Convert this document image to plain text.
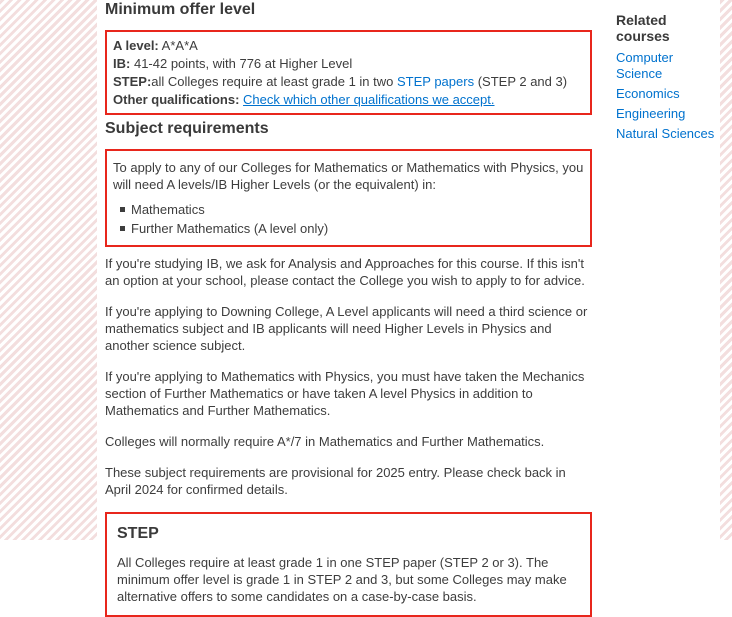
Minimum offer level
A level: A*A*A
IB: 41-42 points, with 776 at Higher Level
STEP:all Colleges require at least grade 1 in two STEP papers (STEP 2 and 3)
Other qualifications: Check which other qualifications we accept.
Subject requirements

To apply to any of our Colleges for Mathematics or Mathematics with Physics, you will need A levels/IB Higher Levels (or the equivalent) in:

Mathematics
Further Mathematics (A level only)

If you're studying IB, we ask for Analysis and Approaches for this course. If this isn't an option at your school, please contact the College you wish to apply to for advice.

If you're applying to Downing College, A Level applicants will need a third science or mathematics subject and IB applicants will need Higher Levels in Physics and another science subject.

If you're applying to Mathematics with Physics, you must have taken the Mechanics section of Further Mathematics or have taken A level Physics in addition to Mathematics and Further Mathematics.

Colleges will normally require A*/7 in Mathematics and Further Mathematics.

These subject requirements are provisional for 2025 entry. Please check back in April 2024 for confirmed details.

STEP

All Colleges require at least grade 1 in one STEP paper (STEP 2 or 3). The minimum offer level is grade 1 in STEP 2 and 3, but some Colleges may make alternative offers to some candidates on a case-by-case basis.

Related courses
Computer Science
Economics
Engineering
Natural Sciences
